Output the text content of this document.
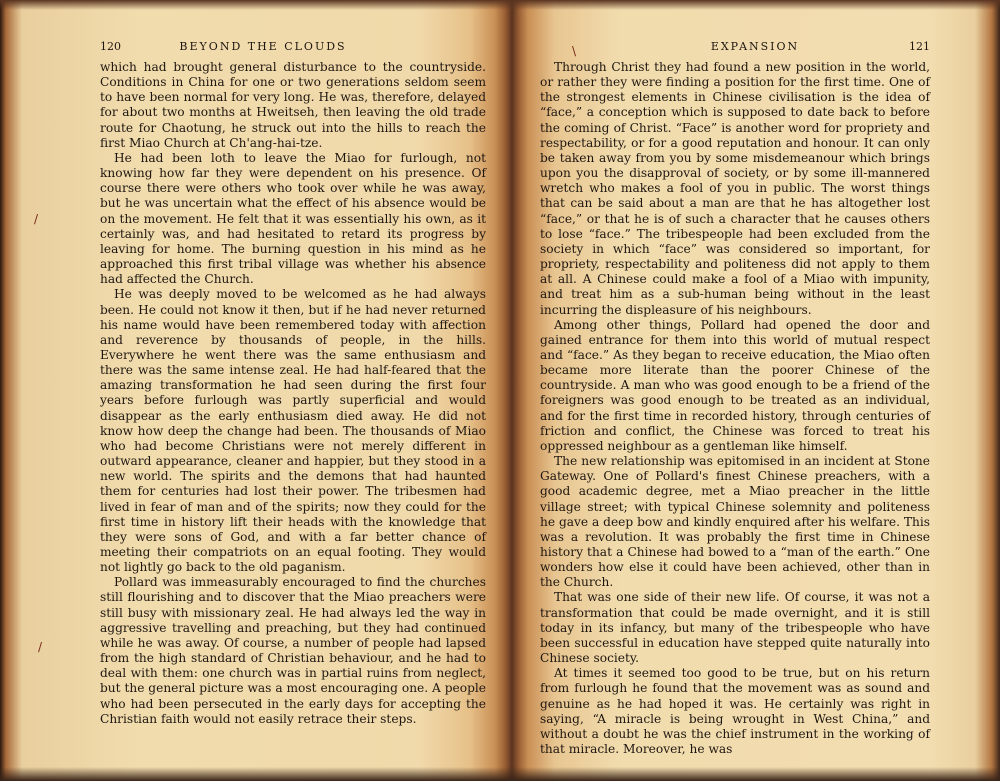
/
/
\
120	BEYOND THE CLOUDS

which had brought general disturbance to the countryside. Conditions in China for one or two generations seldom seem to have been normal for very long. He was, therefore, delayed for about two months at Hweitseh, then leaving the old trade route for Chaotung, he struck out into the hills to reach the first Miao Church at Ch'ang-hai-tze.

He had been loth to leave the Miao for furlough, not knowing how far they were dependent on his presence. Of course there were others who took over while he was away, but he was uncertain what the effect of his absence would be on the movement. He felt that it was essentially his own, as it certainly was, and had hesitated to retard its progress by leaving for home. The burning question in his mind as he approached this first tribal village was whether his absence had affected the Church.

He was deeply moved to be welcomed as he had always been. He could not know it then, but if he had never returned his name would have been remembered today with affection and reverence by thousands of people, in the hills. Everywhere he went there was the same enthusiasm and there was the same intense zeal. He had half-feared that the amazing transformation he had seen during the first four years before furlough was partly superficial and would disappear as the early enthusiasm died away. He did not know how deep the change had been. The thousands of Miao who had become Christians were not merely different in outward appearance, cleaner and happier, but they stood in a new world. The spirits and the demons that had haunted them for centuries had lost their power. The tribesmen had lived in fear of man and of the spirits; now they could for the first time in history lift their heads with the knowledge that they were sons of God, and with a far better chance of meeting their compatriots on an equal footing. They would not lightly go back to the old paganism.

Pollard was immeasurably encouraged to find the churches still flourishing and to discover that the Miao preachers were still busy with missionary zeal. He had always led the way in aggressive travelling and preaching, but they had continued while he was away. Of course, a number of people had lapsed from the high standard of Christian behaviour, and he had to deal with them: one church was in partial ruins from neglect, but the general picture was a most encouraging one. A people who had been persecuted in the early days for accepting the Christian faith would not easily retrace their steps.

EXPANSION	121

Through Christ they had found a new position in the world, or rather they were finding a position for the first time. One of the strongest elements in Chinese civilisation is the idea of “face,” a conception which is supposed to date back to before the coming of Christ. “Face” is another word for propriety and respectability, or for a good reputation and honour. It can only be taken away from you by some misdemeanour which brings upon you the disapproval of society, or by some ill-mannered wretch who makes a fool of you in public. The worst things that can be said about a man are that he has altogether lost “face,” or that he is of such a character that he causes others to lose “face.” The tribespeople had been excluded from the society in which “face” was considered so important, for propriety, respectability and politeness did not apply to them at all. A Chinese could make a fool of a Miao with impunity, and treat him as a sub-human being without in the least incurring the displeasure of his neighbours.

Among other things, Pollard had opened the door and gained entrance for them into this world of mutual respect and “face.” As they began to receive education, the Miao often became more literate than the poorer Chinese of the countryside. A man who was good enough to be a friend of the foreigners was good enough to be treated as an individual, and for the first time in recorded history, through centuries of friction and conflict, the Chinese was forced to treat his oppressed neighbour as a gentleman like himself.

The new relationship was epitomised in an incident at Stone Gateway. One of Pollard's finest Chinese preachers, with a good academic degree, met a Miao preacher in the little village street; with typical Chinese solemnity and politeness he gave a deep bow and kindly enquired after his welfare. This was a revolution. It was probably the first time in Chinese history that a Chinese had bowed to a “man of the earth.” One wonders how else it could have been achieved, other than in the Church.

That was one side of their new life. Of course, it was not a transformation that could be made overnight, and it is still today in its infancy, but many of the tribespeople who have been successful in education have stepped quite naturally into Chinese society.

At times it seemed too good to be true, but on his return from furlough he found that the movement was as sound and genuine as he had hoped it was. He certainly was right in saying, “A miracle is being wrought in West China,” and without a doubt he was the chief instrument in the working of that miracle. Moreover, he was
